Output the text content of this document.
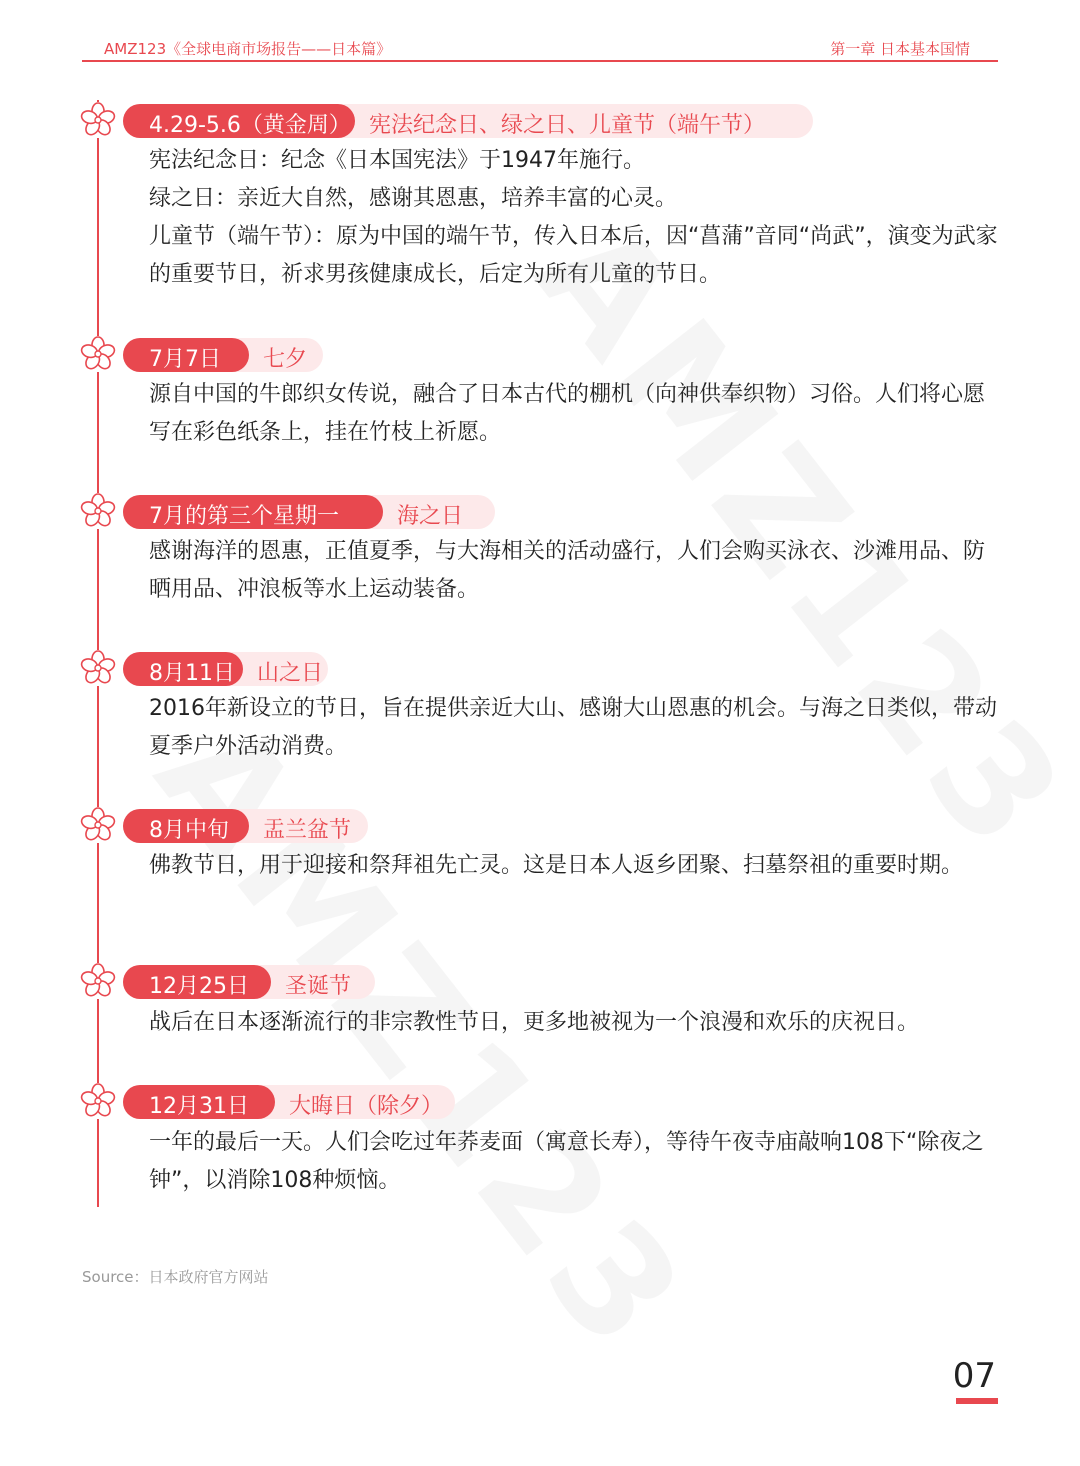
AMZ123《全球电商市场报告——日本篇》	第一章 日本基本国情
宪法纪念日、绿之日、儿童节（端午节）
4.29-5.6（黄金周）
七夕
7月7日
海之日
7月的第三个星期一
山之日
8月11日
盂兰盆节
8月中旬
圣诞节
12月25日
大晦日（除夕）
12月31日
Source：日本政府官方网站
07
宪法纪念日：纪念《日本国宪法》于1947年施行。
绿之日：亲近大自然，感谢其恩惠，培养丰富的心灵。
儿童节（端午节）：原为中国的端午节，传入日本后，因“菖蒲”音同“尚武”，演变为武家的重要节日，祈求男孩健康成长，后定为所有儿童的节日。
源自中国的牛郎织女传说，融合了日本古代的棚机（向神供奉织物）习俗。人们将心愿写在彩色纸条上，挂在竹枝上祈愿。
感谢海洋的恩惠，正值夏季，与大海相关的活动盛行，人们会购买泳衣、沙滩用品、防晒用品、冲浪板等水上运动装备。
2016年新设立的节日，旨在提供亲近大山、感谢大山恩惠的机会。与海之日类似，带动夏季户外活动消费。
佛教节日，用于迎接和祭拜祖先亡灵。这是日本人返乡团聚、扫墓祭祖的重要时期。
战后在日本逐渐流行的非宗教性节日，更多地被视为一个浪漫和欢乐的庆祝日。
一年的最后一天。人们会吃过年荞麦面（寓意长寿），等待午夜寺庙敲响108下“除夜之钟”，以消除108种烦恼。
